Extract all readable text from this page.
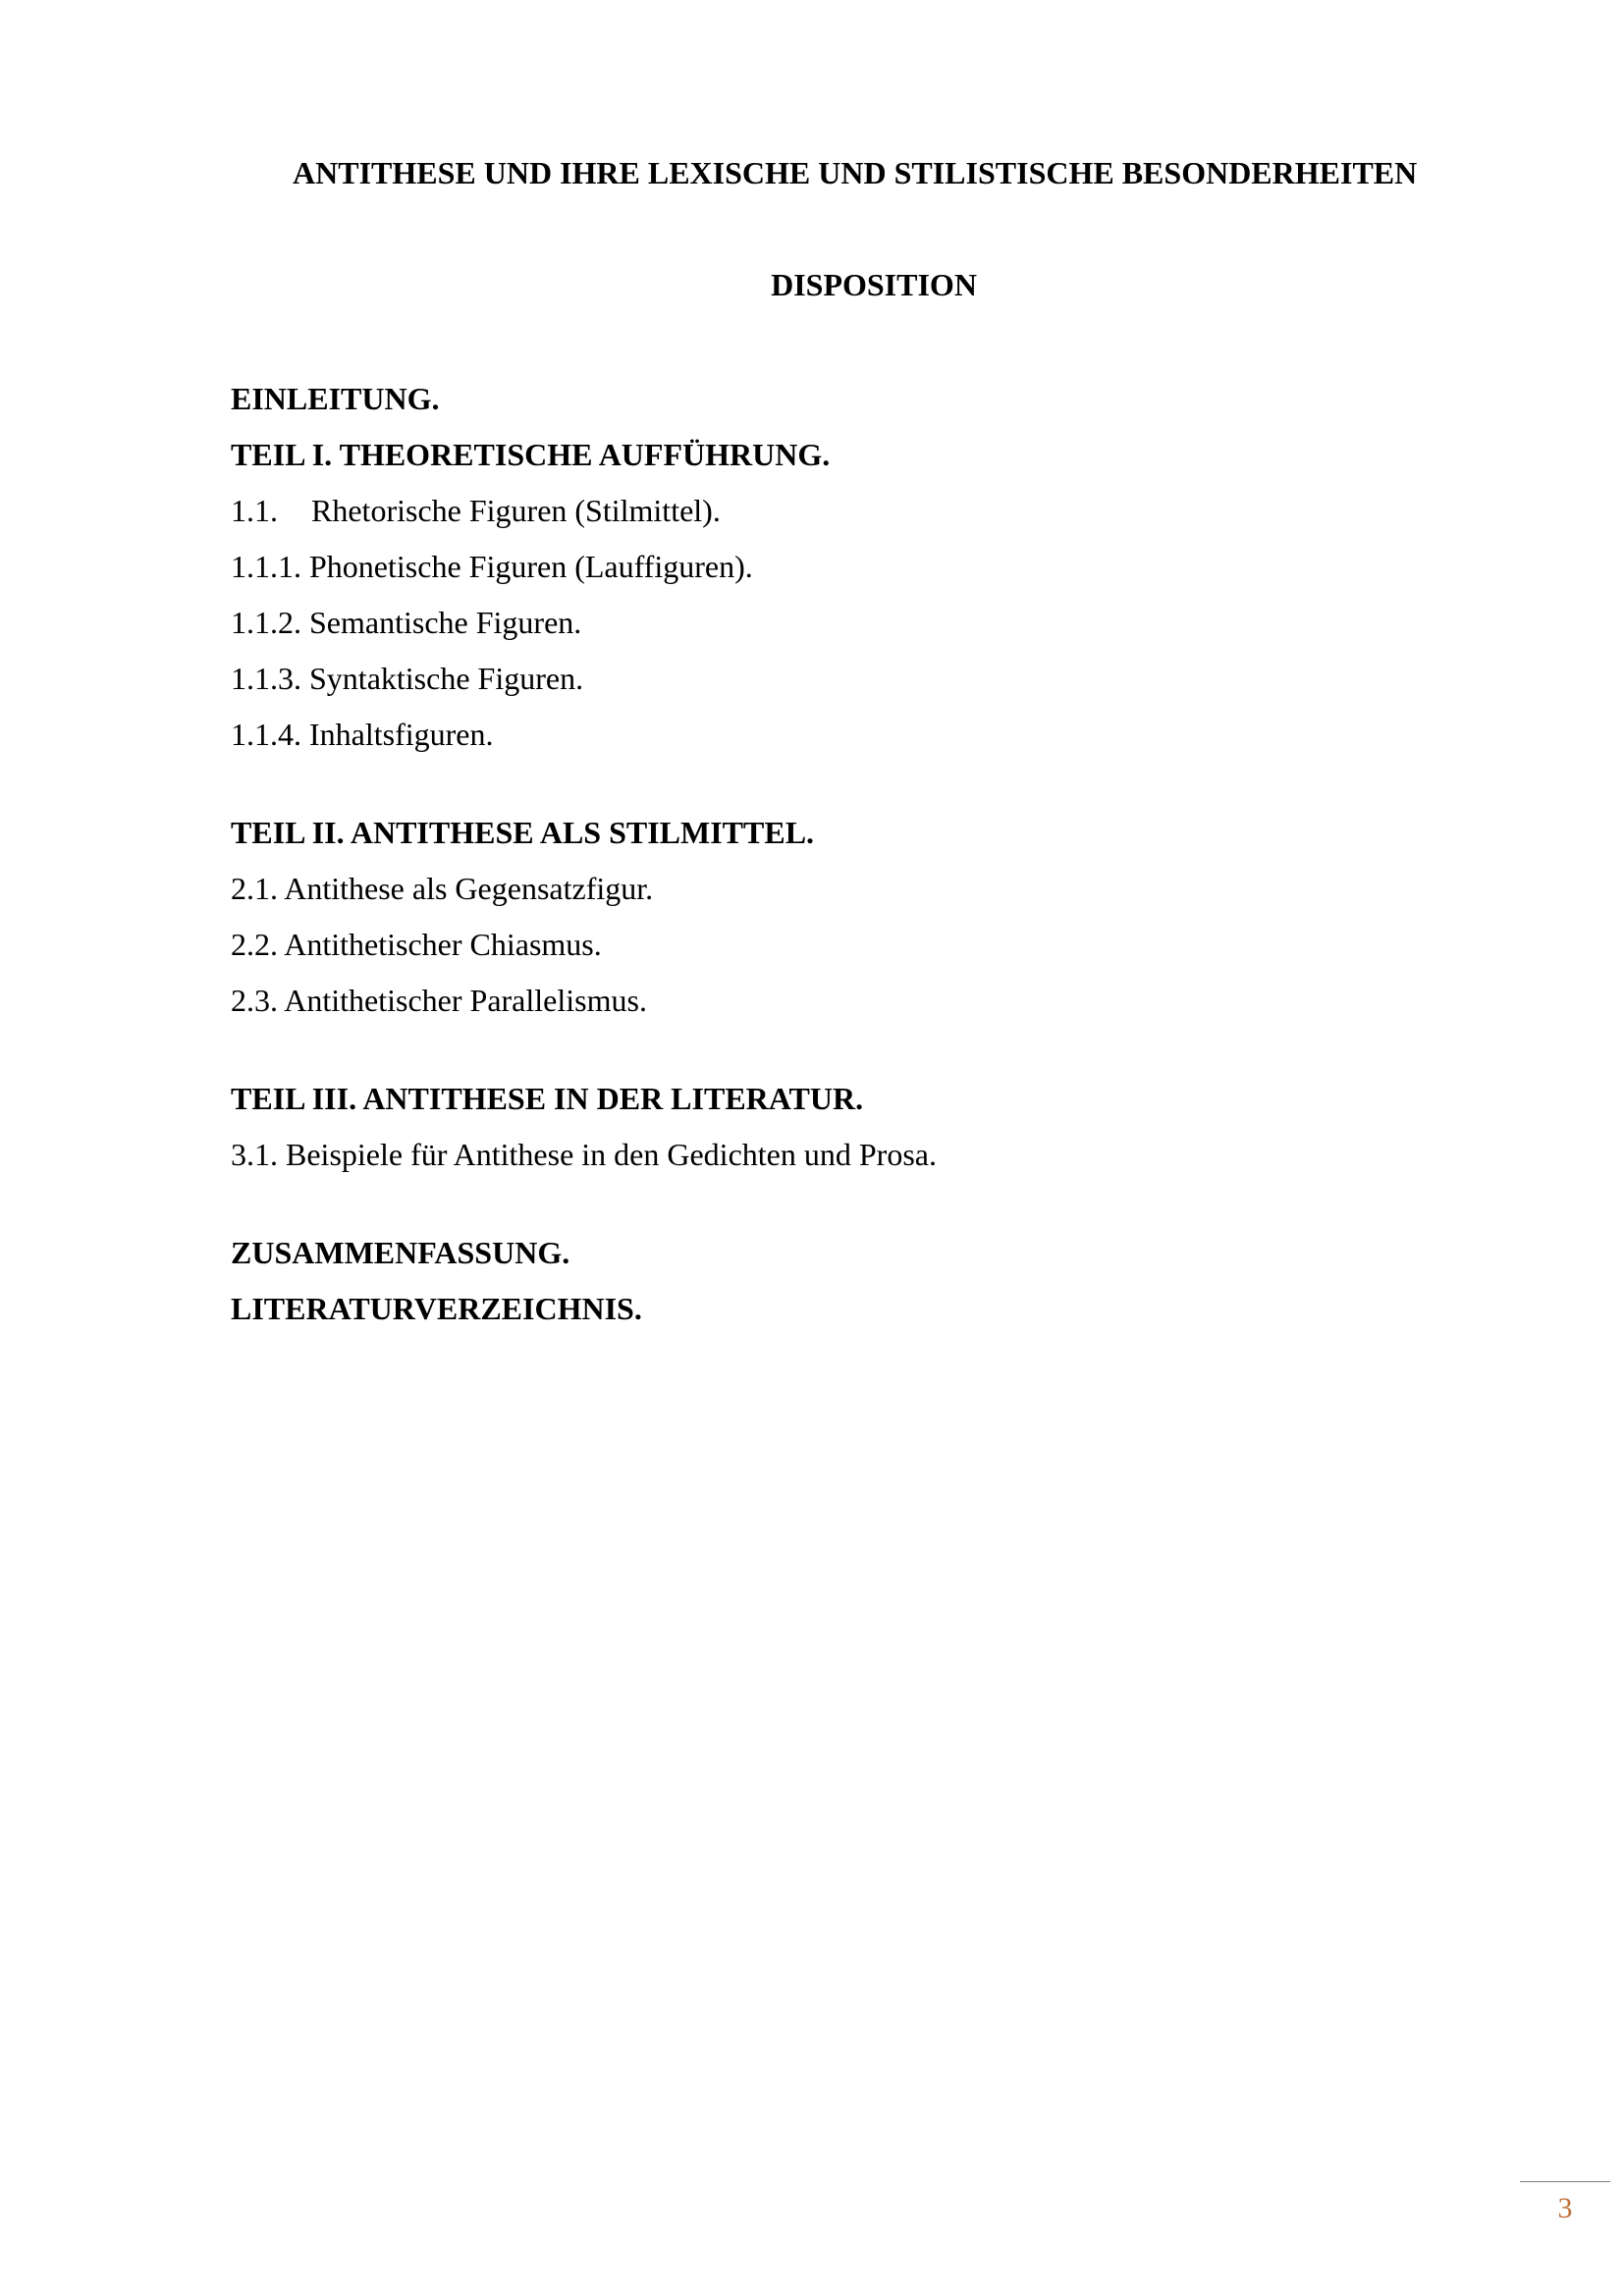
ANTITHESE UND IHRE LEXISCHE UND STILISTISCHE BESONDERHEITEN
DISPOSITION
EINLEITUNG.
TEIL I. THEORETISCHE AUFFÜHRUNG.
1.1. Rhetorische Figuren (Stilmittel).
1.1.1. Phonetische Figuren (Lauffiguren).
1.1.2. Semantische Figuren.
1.1.3. Syntaktische Figuren.
1.1.4. Inhaltsfiguren.
TEIL II. ANTITHESE ALS STILMITTEL.
2.1. Antithese als Gegensatzfigur.
2.2. Antithetischer Chiasmus.
2.3. Antithetischer Parallelismus.
TEIL III. ANTITHESE IN DER LITERATUR.
3.1. Beispiele für Antithese in den Gedichten und Prosa.
ZUSAMMENFASSUNG.
LITERATURVERZEICHNIS.
3
